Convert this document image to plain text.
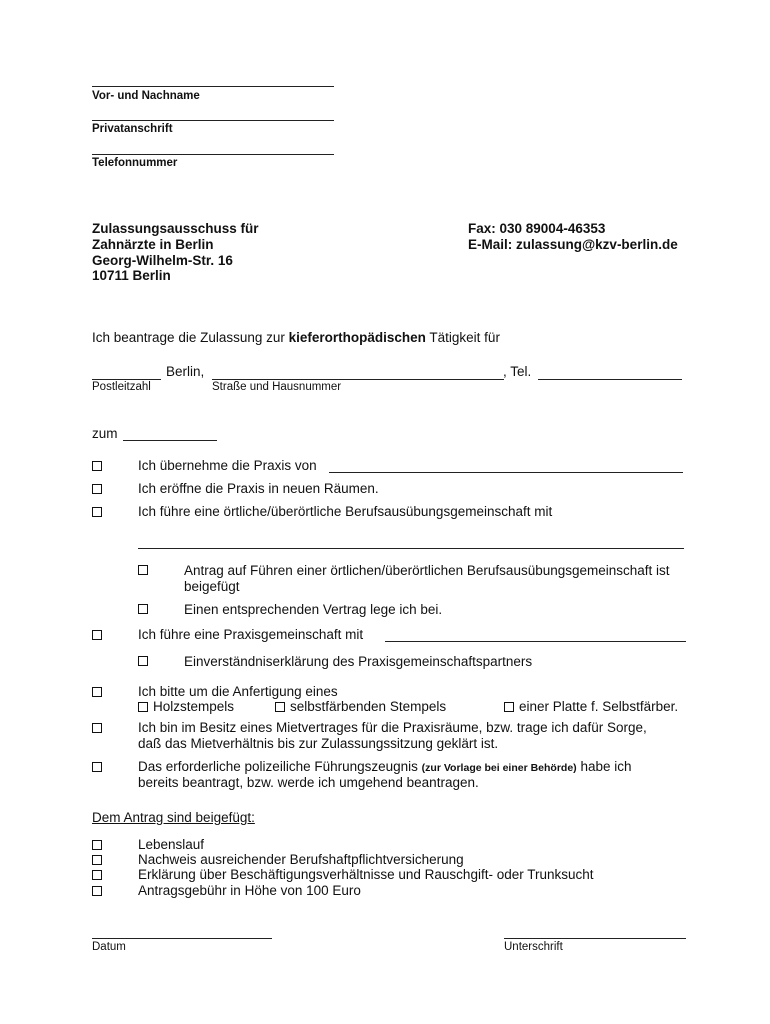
Vor- und Nachname
Privatanschrift
Telefonnummer
Zulassungsausschuss für
Zahnärzte in Berlin
Georg-Wilhelm-Str. 16
10711 Berlin
Fax: 030 89004-46353
E-Mail: zulassung@kzv-berlin.de
Ich beantrage die Zulassung zur kieferorthopädischen Tätigkeit für
Berlin,	, Tel.
Postleitzahl	Straße und Hausnummer
zum
Ich übernehme die Praxis von
Ich eröffne die Praxis in neuen Räumen.
Ich führe eine örtliche/überörtliche Berufsausübungsgemeinschaft mit
Antrag auf Führen einer örtlichen/überörtlichen Berufsausübungsgemeinschaft ist
beigefügt
Einen entsprechenden Vertrag lege ich bei.
Ich führe eine Praxisgemeinschaft mit
Einverständniserklärung des Praxisgemeinschaftspartners
Ich bitte um die Anfertigung eines
Holzstempels	selbstfärbenden Stempels	einer Platte f. Selbstfärber.
Ich bin im Besitz eines Mietvertrages für die Praxisräume, bzw. trage ich dafür Sorge,
daß das Mietverhältnis bis zur Zulassungssitzung geklärt ist.
Das erforderliche polizeiliche Führungszeugnis (zur Vorlage bei einer Behörde) habe ich
bereits beantragt, bzw. werde ich umgehend beantragen.
Dem Antrag sind beigefügt:
Lebenslauf
Nachweis ausreichender Berufshaftpflichtversicherung
Erklärung über Beschäftigungsverhältnisse und Rauschgift- oder Trunksucht
Antragsgebühr in Höhe von 100 Euro
Datum	Unterschrift
